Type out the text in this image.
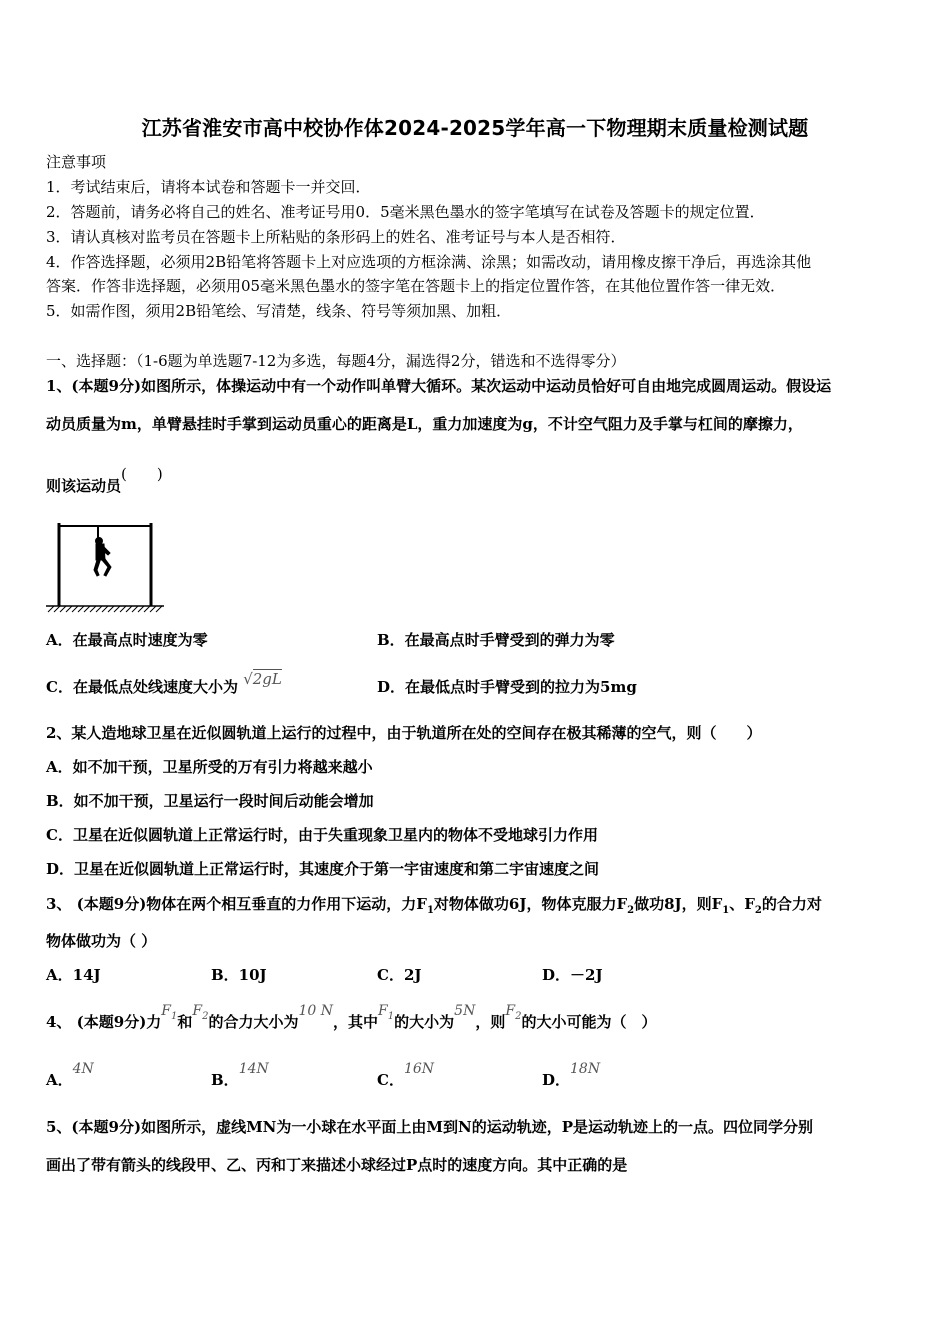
江苏省淮安市高中校协作体2024-2025学年高一下物理期末质量检测试题
注意事项
1．考试结束后，请将本试卷和答题卡一并交回．
2．答题前，请务必将自己的姓名、准考证号用0．5毫米黑色墨水的签字笔填写在试卷及答题卡的规定位置．
3．请认真核对监考员在答题卡上所粘贴的条形码上的姓名、准考证号与本人是否相符．
4．作答选择题，必须用2B铅笔将答题卡上对应选项的方框涂满、涂黑；如需改动，请用橡皮擦干净后，再选涂其他
答案．作答非选择题，必须用05毫米黑色墨水的签字笔在答题卡上的指定位置作答，在其他位置作答一律无效．
5．如需作图，须用2B铅笔绘、写清楚，线条、符号等须加黑、加粗．
一、选择题：（1-6题为单选题7-12为多选，每题4分，漏选得2分，错选和不选得零分）
1、(本题9分)如图所示，体操运动中有一个动作叫单臂大循环。某次运动中运动员恰好可自由地完成圆周运动。假设运
动员质量为m，单臂悬挂时手掌到运动员重心的距离是L，重力加速度为g，不计空气阻力及手掌与杠间的摩擦力，
则该运动员(　　)
A．在最高点时速度为零	B．在最高点时手臂受到的弹力为零
C．在最低点处线速度大小为 √2gL	D．在最低点时手臂受到的拉力为5mg
2、某人造地球卫星在近似圆轨道上运行的过程中，由于轨道所在处的空间存在极其稀薄的空气，则（　　）
A．如不加干预，卫星所受的万有引力将越来越小
B．如不加干预，卫星运行一段时间后动能会增加
C．卫星在近似圆轨道上正常运行时，由于失重现象卫星内的物体不受地球引力作用
D．卫星在近似圆轨道上正常运行时，其速度介于第一宇宙速度和第二宇宙速度之间
3、 (本题9分)物体在两个相互垂直的力作用下运动，力$F_1$对物体做功6J，物体克服力$F_2$做功8J，则$F_1$、$F_2$的合力对
物体做功为（ ）
A．14J	B．10J	C．2J	D．－2J
4、 (本题9分)力$F_1$和$F_2$的合力大小为10 N，其中$F_1$的大小为5N，则$F_2$的大小可能为（　）
A．4N
B．14N
C．16N
D．18N
5、(本题9分)如图所示，虚线MN为一小球在水平面上由M到N的运动轨迹，P是运动轨迹上的一点。四位同学分别
画出了带有箭头的线段甲、乙、丙和丁来描述小球经过P点时的速度方向。其中正确的是
